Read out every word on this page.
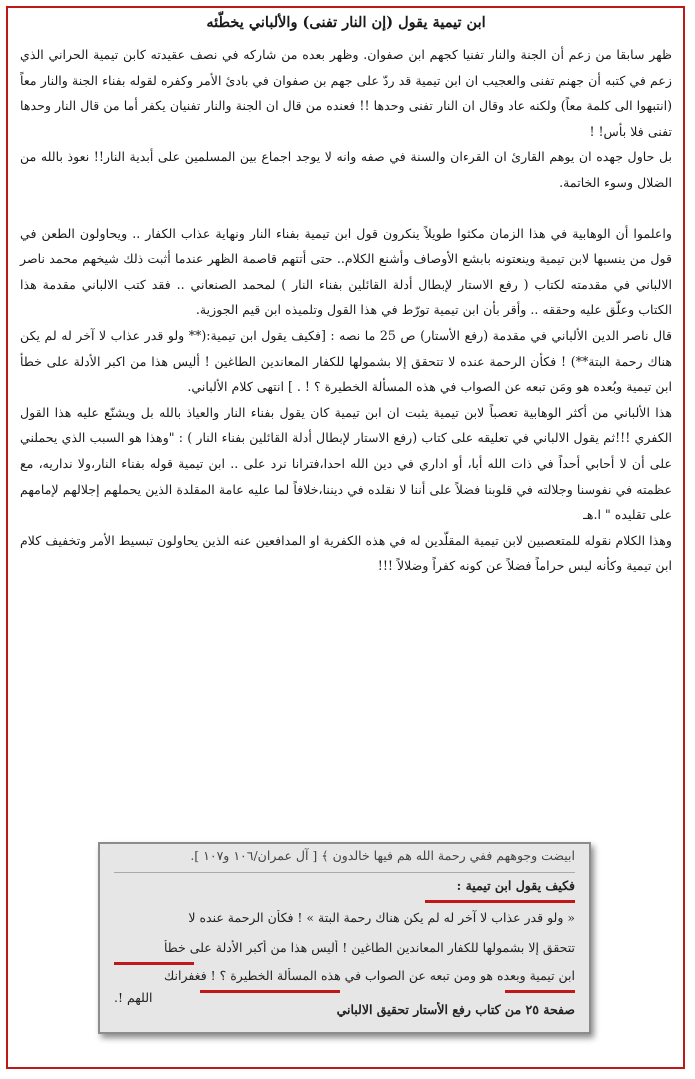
ابن تيمية يقول (إن النار تفنى) والألباني يخطّئه

ظهر سابقا من زعم أن الجنة والنار تفنيا كجهم ابن صفوان. وظهر بعده من شاركه في نصف عقيدته كابن تيمية الحراني الذي زعم في كتبه أن جهنم تفنى والعجيب ان ابن تيمية قد ردّ على جهم بن صفوان في بادئ الأمر وكفره لقوله بفناء الجنة والنار معاً (انتبهوا الى كلمة معاً) ولكنه عاد وقال ان النار تفنى وحدها !! فعنده من قال ان الجنة والنار تفنيان يكفر أما من قال النار وحدها تفنى فلا بأس! !

بل حاول جهده ان يوهم القارئ ان القرءان والسنة في صفه وانه لا يوجد اجماع بين المسلمين على أبدية النار!! نعوذ بالله من الضلال وسوء الخاتمة.

واعلموا أن الوهابية في هذا الزمان مكثوا طويلاً ينكرون قول ابن تيمية بفناء النار ونهاية عذاب الكفار .. ويحاولون الطعن في قول من ينسبها لابن تيمية وينعتونه بابشع الأوصاف وأشنع الكلام.. حتى أتتهم قاصمة الظهر عندما أثبت ذلك شيخهم محمد ناصر الالباني في مقدمته لكتاب ( رفع الاستار لإبطال أدلة القائلين بفناء النار ) لمحمد الصنعاني .. فقد كتب الالباني مقدمة هذا الكتاب وعلّق عليه وحققه .. وأقر بأن ابن تيمية تورّط في هذا القول وتلميذه ابن قيم الجوزية.

قال ناصر الدين الألباني في مقدمة (رفع الأستار) ص 25 ما نصه : [فكيف يقول ابن تيمية:(** ولو قدر عذاب لا آخر له لم يكن هناك رحمة البتة**) ! فكأن الرحمة عنده لا تتحقق إلا بشمولها للكفار المعاندين الطاغين ! أليس هذا من اكبر الأدلة على خطأ ابن تيمية وبُعده هو ومَن تبعه عن الصواب في هذه المسألة الخطيرة ؟ ! . ] انتهى كلام الألباني.

هذا الألباني من أكثر الوهابية تعصباً لابن تيمية يثبت ان ابن تيمية كان يقول بفناء النار والعياذ بالله بل ويشنّع عليه هذا القول الكفري !!!ثم يقول الالباني في تعليقه على كتاب (رفع الاستار لإبطال أدلة القائلين بفناء النار ) : "وهذا هو السبب الذي يحملني على أن لا أحابي أحداً في ذات الله أبا، أو اداري في دين الله احدا،فترانا نرد على .. ابن تيمية قوله بفناء النار،ولا نداريه، مع عظمته في نفوسنا وجلالته في قلوبنا فضلاً على أننا لا نقلده في ديننا،خلافاً لما عليه عامة المقلدة الذين يحملهم إجلالهم لإمامهم على تقليده " ا.هـ

وهذا الكلام نقوله للمتعصبين لابن تيمية المقلّدين له في هذه الكفرية او المدافعين عنه الذين يحاولون تبسيط الأمر وتخفيف كلام ابن تيمية وكأنه ليس حراماً فضلاً عن كونه كفراً وضلالاً !!!

ابيضت وجوههم ففي رحمة الله هم فيها خالدون ﴾ [ آل عمران/١٠٦ و١٠٧ ].
فكيف يقول ابن تيمية :
« ولو قدر عذاب لا آخر له لم يكن هناك رحمة البتة » ! فكأن الرحمة عنده لا
تتحقق إلا بشمولها للكفار المعاندين الطاغين ! أليس هذا من أكبر الأدلة على خطأ
ابن تيمية وبعده هو ومن تبعه عن الصواب في هذه المسألة الخطيرة ؟ ! فغفرانك
اللهم !.
صفحة ٢٥ من كتاب رفع الأستار تحقيق الالباني
